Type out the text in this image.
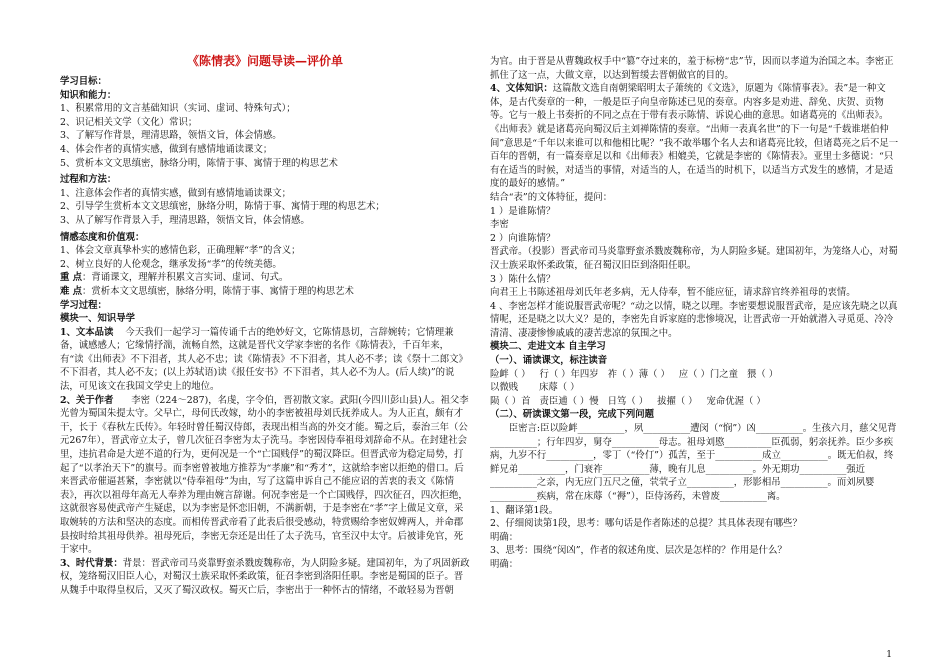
《陈情表》问题导读—评价单

学习目标：

知识和能力：

1、积累常用的文言基础知识（实词、虚词、特殊句式）；

2、识记相关文学（文化）常识；

3、了解写作背景，理清思路，领悟文旨，体会情感。

4、体会作者的真情实感，做到有感情地诵读课文；

5、赏析本文文思缜密，脉络分明，陈情于事、寓情于理的构思艺术

过程和方法：

1、注意体会作者的真情实感，做到有感情地诵读课文；

2、引导学生赏析本文文思缜密，脉络分明，陈情于事、寓情于理的构思艺术；

3、从了解写作背景入手，理清思路，领悟文旨，体会情感。

情感态度和价值观：

1、体会文章真挚朴实的感情色彩，正确理解“孝”的含义；

2、树立良好的人伦观念，继承发扬“孝”的传统美德。

重 点：背诵课文，理解并积累文言实词、虚词、句式。

难 点：赏析本文文思缜密，脉络分明，陈情于事、寓情于理的构思艺术

学习过程：

模块一、知识导学

1、文本品读 今天我们一起学习一篇传诵千古的绝妙好文，它陈情恳切，言辞婉转；它情理兼备，诚感感人；它缘情抒湍，流畅自然，这就是晋代文学家李密的名作《陈情表》，千百年来，有“读《出师表》不下泪者，其人必不忠；读《陈情表》不下泪者，其人必不孝；读《祭十二郎文》不下泪者，其人必不友；(以上苏轼语)读《报任安书》不下泪者，其人必不为人。(后人续)”的说法，可见该文在我国文学史上的地位。

2、关于作者 李密（224～287)，名虔，字令伯，晋初散文家。武阳(今四川彭山县)人。祖父李光曾为蜀国朱提太守。父早亡，母何氏改嫁，幼小的李密被祖母刘氏抚养成人。为人正直，颇有才干，长于《春秋左氏传》。年轻时曾任蜀汉侍郎，表现出相当高的外交才能。蜀之后，泰治三年（公元267年），晋武帝立太子，曾几次征召李密为太子洗马。李密因侍奉祖母刘辞命不从。在封建社会里，违抗君命是大逆不道的行为，更何况是一个“亡国贱俘”的蜀汉降臣。但晋武帝为稳定局势，打起了“以孝治天下”的旗号。而李密曾被地方推荐为“孝廉”和“秀才”，这就给李密以拒绝的借口。后来晋武帝催逼甚紧，李密就以“侍奉祖母”为由，写了这篇申诉自己不能应诏的苦衷的表文《陈情表》，再次以祖母年高无人奉养为理由婉言辞谢。何况李密是一个亡国贱俘，四次征召，四次拒绝，这就很容易使武帝产生疑虑，以为李密是怀恋旧朝，不满新朝，于是李密在“孝”字上做足文章，采取婉转的方法和坚决的态度。而相传晋武帝看了此表后很受感动，特赏赐给李密奴婢两人，并命郡县按时给其祖母供养。祖母死后，李密无奈还是出任了太子洗马，官至汉中太守。后被诽免官，死于家中。

3、时代背景：背景：晋武帝司马炎靠野蛮杀戮废魏称帝，为人阴险多疑。建国初年，为了巩固新政权，笼络蜀汉旧臣人心，对蜀汉士族采取怀柔政策，征召李密到洛阳任职。李密是蜀国的臣子。晋从魏手中取得皇权后，又灭了蜀汉政权。蜀灭亡后，李密出于一种怀古的情绪，不敢轻易为晋朝

为官。由于晋是从曹魏政权手中“篡”夺过来的，羞于标榜“忠”节，因而以孝道为治国之本。李密正抓住了这一点，大做文章，以达到暂缓去晋朝做官的目的。

4、文体知识：这篇散文选自南朝梁昭明太子萧统的《文选》，原题为《陈情事表》。表”是一种文体，是古代奏章的一种，一般是臣子向皇帝陈述已见的奏章。内容多是劝进、辞免、庆贺、贡物等。它与一般上书奏折的不同之点在于带有表示陈情、诉说心曲的意思。如诸葛亮的《出师表》。《出师表》就是诸葛亮向蜀汉后主刘禅陈情的奏章。“出师一表真名世”的下一句是“千载谁堪伯仲间”意思是“千年以来谁可以和他相比呢？”我不敢举哪个名人去和诸葛亮比较，但诸葛亮之后不足一百年的晋朝，有一篇奏章足以和《出师表》相媲美，它就是李密的《陈情表》。亚里士多德说：“只有在适当的时候，对适当的事情，对适当的人，在适当的时机下，以适当方式发生的感情，才是适度的最好的感情。”

结合“表”的文体特征，提问：

1 ）是谁陈情？

李密

2 ）向谁陈情？

晋武帝。（投影）晋武帝司马炎靠野蛮杀戮废魏称帝，为人阴险多疑。建国初年，为笼络人心，对蜀汉士族采取怀柔政策，征召蜀汉旧臣到洛阳任职。

3 ）陈什么情？

向君王上书陈述祖母刘氏年老多病，无人侍奉，暂不能应征，请求辞官终养祖母的衷情。

4 、李密怎样才能说服晋武帝呢？“动之以情，晓之以理。李密要想说服晋武帝，是应该先晓之以真情呢，还是晓之以大义？是的，李密先自诉家庭的悲惨境况，让晋武帝一开始就潜入寻觅觅、冷冷清清、凄凄惨惨戚戚的凄苦悲凉的氛围之中。

模块二、走进文本 自主学习

（一）、诵读课文，标注读音

险衅（ ） 行（ ）年四岁 祚（ ）薄（ ） 应（ ）门之童 猥（ ）

以微贱 床蓐（ ）

陨（ ）首 责臣逋（ ）慢 日笃（ ） 拔擢（ ） 宠命优渥（ ）

（二）、研读课文第一段，完成下列问题

臣密言:臣以险衅__________，夙__________遭闵（“悯”）凶__________。生孩六月，慈父见背__________；行年四岁，舅夺__________母志。祖母刘愍__________臣孤弱，躬亲抚养。臣少多疾病，九岁不行__________，零丁（“伶仃”）孤苦，至于__________成立__________。既无伯叔，终鲜兄弟__________，门衰祚__________薄，晚有儿息__________。外无期功__________强近__________之亲，内无应门五尺之僮，茕茕孑立__________，形影相吊__________。而刘夙婴__________疾病，常在床蓐（“褥”），臣侍汤药，未曾废__________离。

1、翻译第1段。

2、仔细阅读第1段，思考：哪句话是作者陈述的总提？其具体表现有哪些？

明确：

3、思考：围绕“闵凶”，作者的叙述角度、层次是怎样的？作用是什么？

明确：

1
